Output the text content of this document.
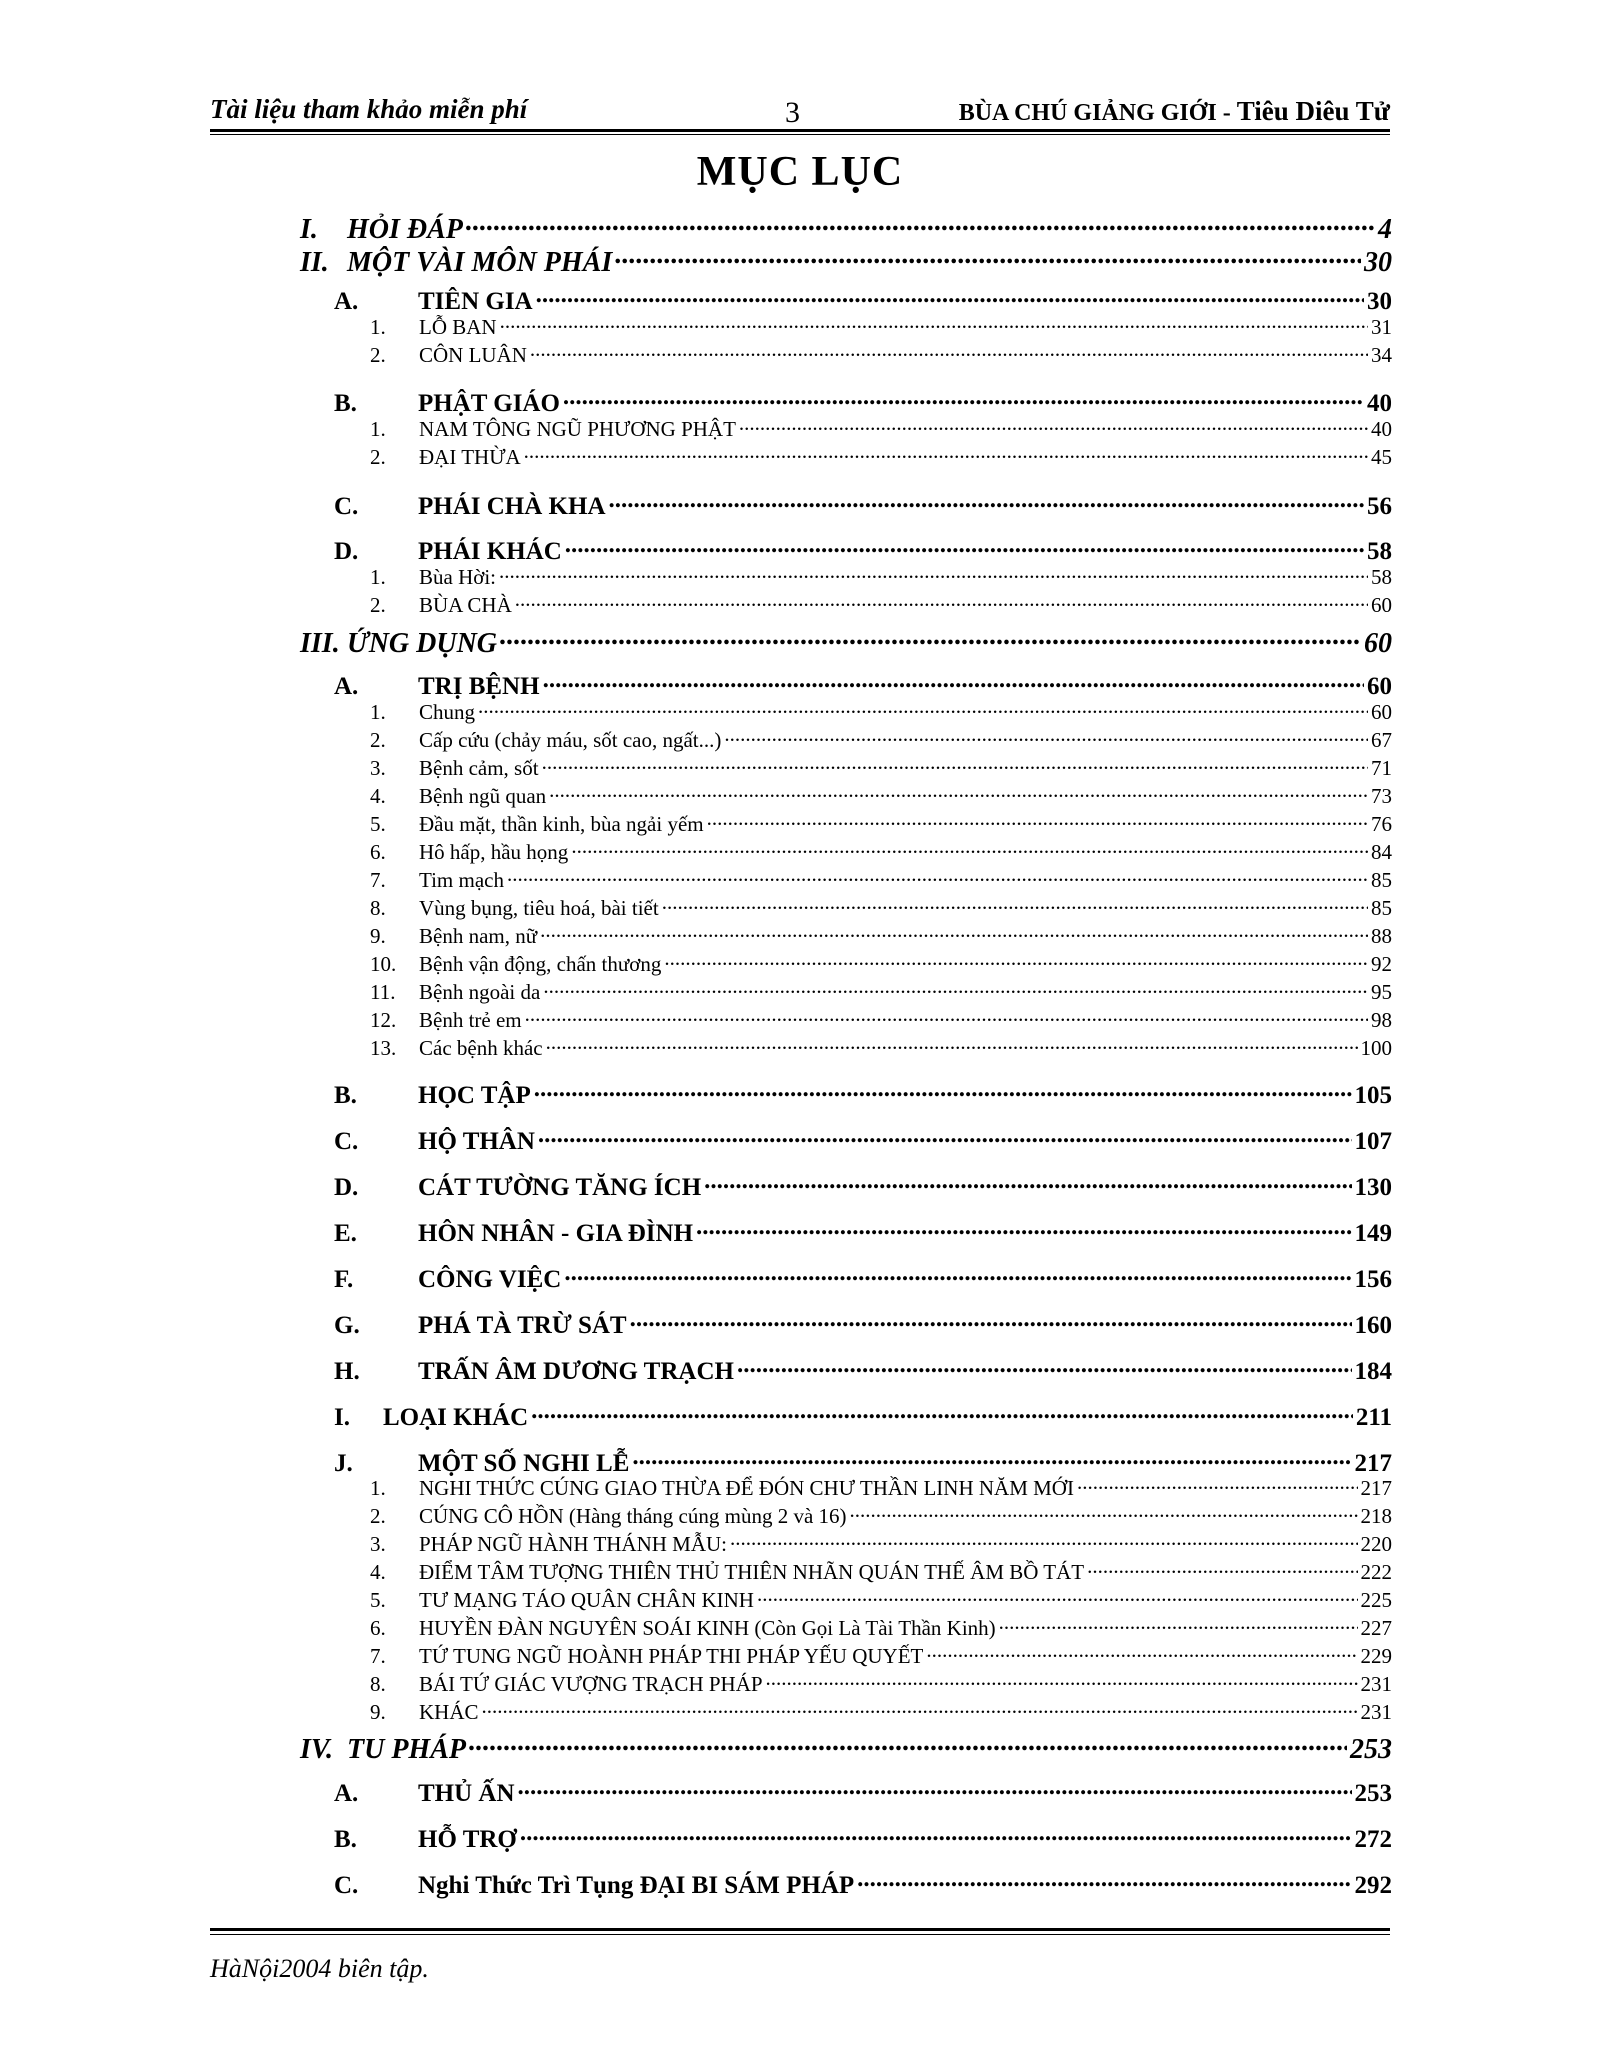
Tài liệu tham khảo miễn phí	3	BÙA CHÚ GIẢNG GIỚI - Tiêu Diêu Tử
MỤC LỤC
I.	HỎI ĐÁP .....	4
II. MỘT VÀI MÔN PHÁI .....	30
A.	TIÊN GIA .....	30
1.	LỖ BAN .....	31
2.	CÔN LUÂN .....	34
B.	PHẬT GIÁO .....	40
1.	NAM TÔNG NGŨ PHƯƠNG PHẬT .....	40
2.	ĐẠI THỪA .....	45
C.	PHÁI CHÀ KHA .....	56
D.	PHÁI KHÁC .....	58
1.	Bùa Hời: .....	58
2.	BÙA CHÀ .....	60
III. ỨNG DỤNG .....	60
A.	TRỊ BỆNH .....	60
1.	Chung .....	60
2.	Cấp cứu (chảy máu, sốt cao, ngất...) .....	67
3.	Bệnh cảm, sốt .....	71
4.	Bệnh ngũ quan .....	73
5.	Đầu mặt, thần kinh, bùa ngải yếm .....	76
6.	Hô hấp, hầu họng .....	84
7.	Tim mạch .....	85
8.	Vùng bụng, tiêu hoá, bài tiết .....	85
9.	Bệnh nam, nữ .....	88
10.	Bệnh vận động, chấn thương .....	92
11.	Bệnh ngoài da .....	95
12.	Bệnh trẻ em .....	98
13.	Các bệnh khác .....	100
B.	HỌC TẬP .....	105
C.	HỘ THÂN .....	107
D.	CÁT TƯỜNG TĂNG ÍCH .....	130
E.	HÔN NHÂN - GIA ĐÌNH .....	149
F.	CÔNG VIỆC .....	156
G.	PHÁ TÀ TRỪ SÁT .....	160
H.	TRẤN ÂM DƯƠNG TRẠCH .....	184
I.	LOẠI KHÁC .....	211
J.	MỘT SỐ NGHI LỄ .....	217
1.	NGHI THỨC CÚNG GIAO THỪA ĐỂ ĐÓN CHƯ THẦN LINH NĂM MỚI .....	217
2.	CÚNG CÔ HỒN (Hàng tháng cúng mùng 2 và 16) .....	218
3.	PHÁP NGŨ HÀNH THÁNH MẪU: .....	220
4.	ĐIỂM TÂM TƯỢNG THIÊN THỦ THIÊN NHÃN QUÁN THẾ ÂM BỒ TÁT .....	222
5.	TƯ MẠNG TÁO QUÂN CHÂN KINH .....	225
6.	HUYỀN ĐÀN NGUYÊN SOÁI KINH (Còn Gọi Là Tài Thần Kinh) .....	227
7.	TỨ TUNG NGŨ HOÀNH PHÁP THI PHÁP YẾU QUYẾT .....	229
8.	BÁI TỨ GIÁC VƯỢNG TRẠCH PHÁP .....	231
9.	KHÁC .....	231
IV. TU PHÁP .....	253
A.	THỦ ẤN .....	253
B.	HỖ TRỢ .....	272
C.	Nghi Thức Trì Tụng ĐẠI BI SÁM PHÁP .....	292
HàNội2004 biên tập.
